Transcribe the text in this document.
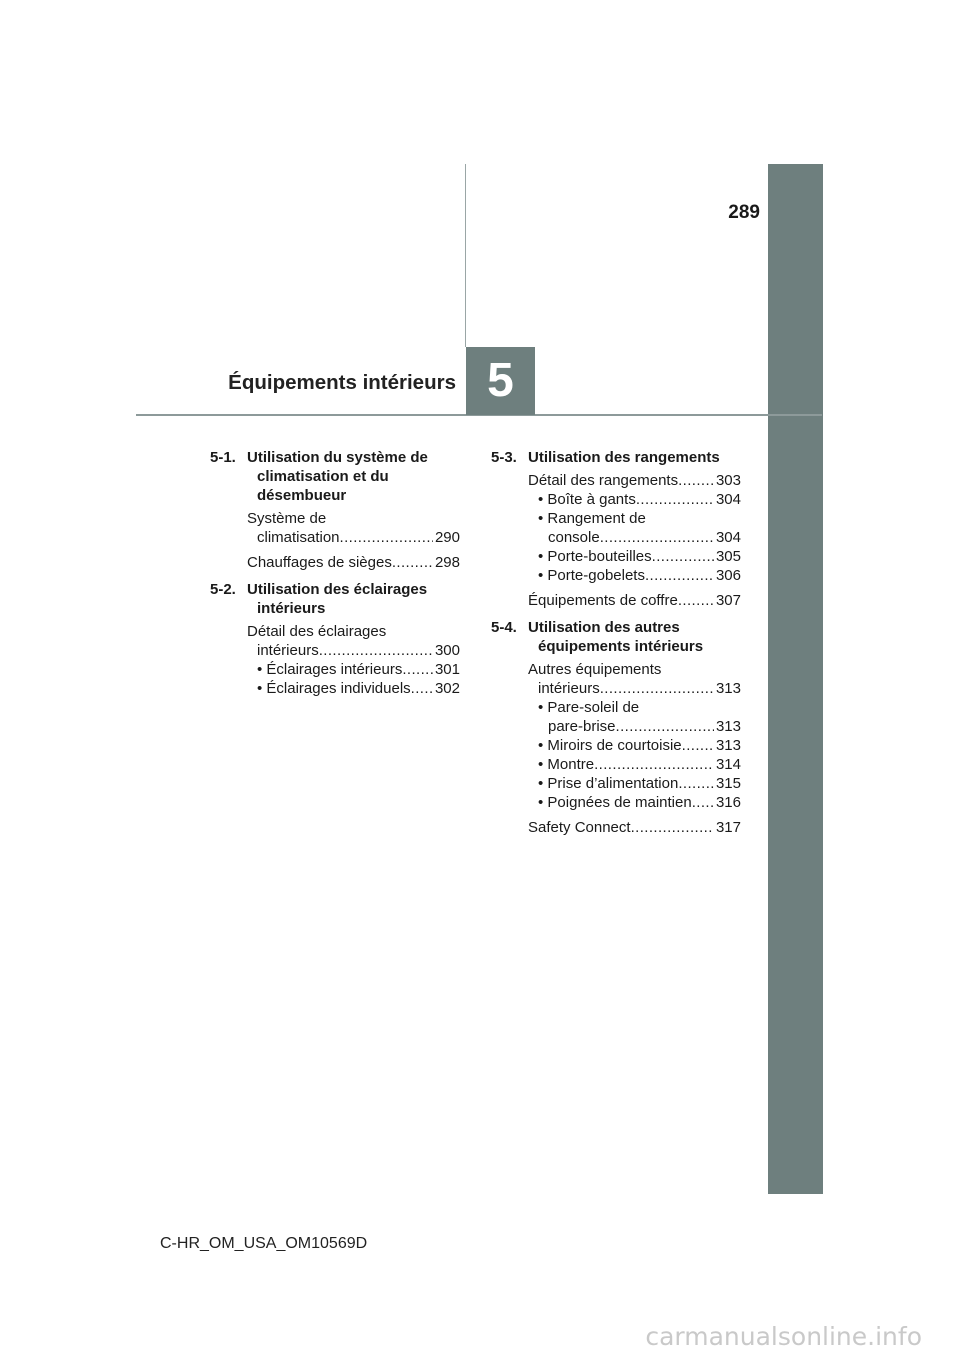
289
5
Équipements intérieurs
5-1. Utilisation du système de
climatisation et du
désembueur
Système de
climatisation .....	290
Chauffages de sièges .....	298
5-2. Utilisation des éclairages
intérieurs
Détail des éclairages
intérieurs .....	300
• Éclairages intérieurs ..... 301
• Éclairages individuels ..... 302
5-3. Utilisation des rangements
Détail des rangements .....	303
• Boîte à gants .....	304
• Rangement de
console .....	304
• Porte-bouteilles .....	305
• Porte-gobelets .....	306
Équipements de coffre .....	307
5-4. Utilisation des autres
équipements intérieurs
Autres équipements
intérieurs .....	313
• Pare-soleil de
pare-brise .....	313
• Miroirs de courtoisie ..... 313
• Montre .....	314
• Prise d’alimentation .....	315
• Poignées de maintien ..... 316
Safety Connect .....	317
C-HR_OM_USA_OM10569D
carmanualsonline.info
